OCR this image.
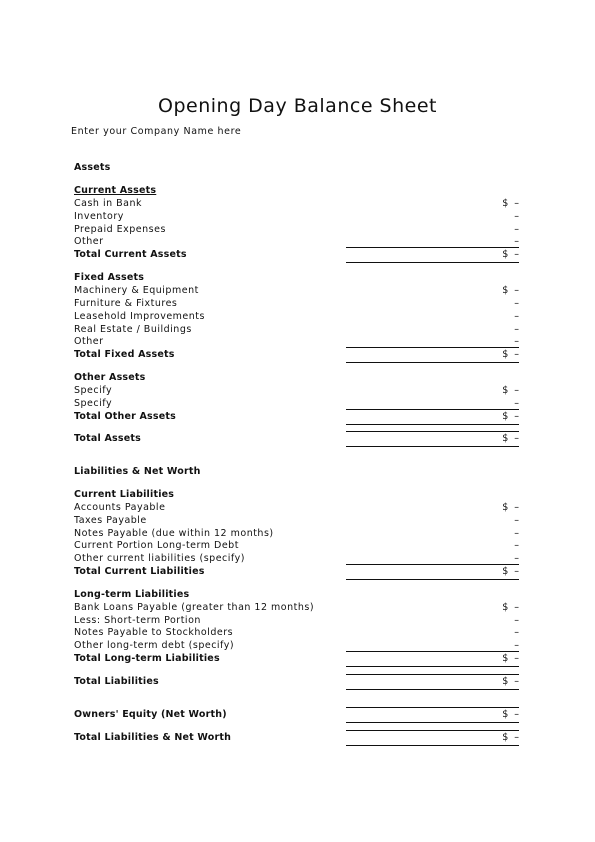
Opening Day Balance Sheet
Enter your Company Name here
Assets
Current Assets
Cash in Bank	$ –
Inventory	–
Prepaid Expenses	–
Other	–
Total Current Assets	$ –
Fixed Assets
Machinery & Equipment	$ –
Furniture & Fixtures	–
Leasehold Improvements	–
Real Estate / Buildings	–
Other	–
Total Fixed Assets	$ –
Other Assets
Specify	$ –
Specify	–
Total Other Assets	$ –
Total Assets	$ –
Liabilities & Net Worth
Current Liabilities
Accounts Payable	$ –
Taxes Payable	–
Notes Payable (due within 12 months)	–
Current Portion Long-term Debt	–
Other current liabilities (specify)	–
Total Current Liabilities	$ –
Long-term Liabilities
Bank Loans Payable (greater than 12 months)	$ –
Less: Short-term Portion	–
Notes Payable to Stockholders	–
Other long-term debt (specify)	–
Total Long-term Liabilities	$ –
Total Liabilities	$ –
Owners' Equity (Net Worth)	$ –
Total Liabilities & Net Worth	$ –
